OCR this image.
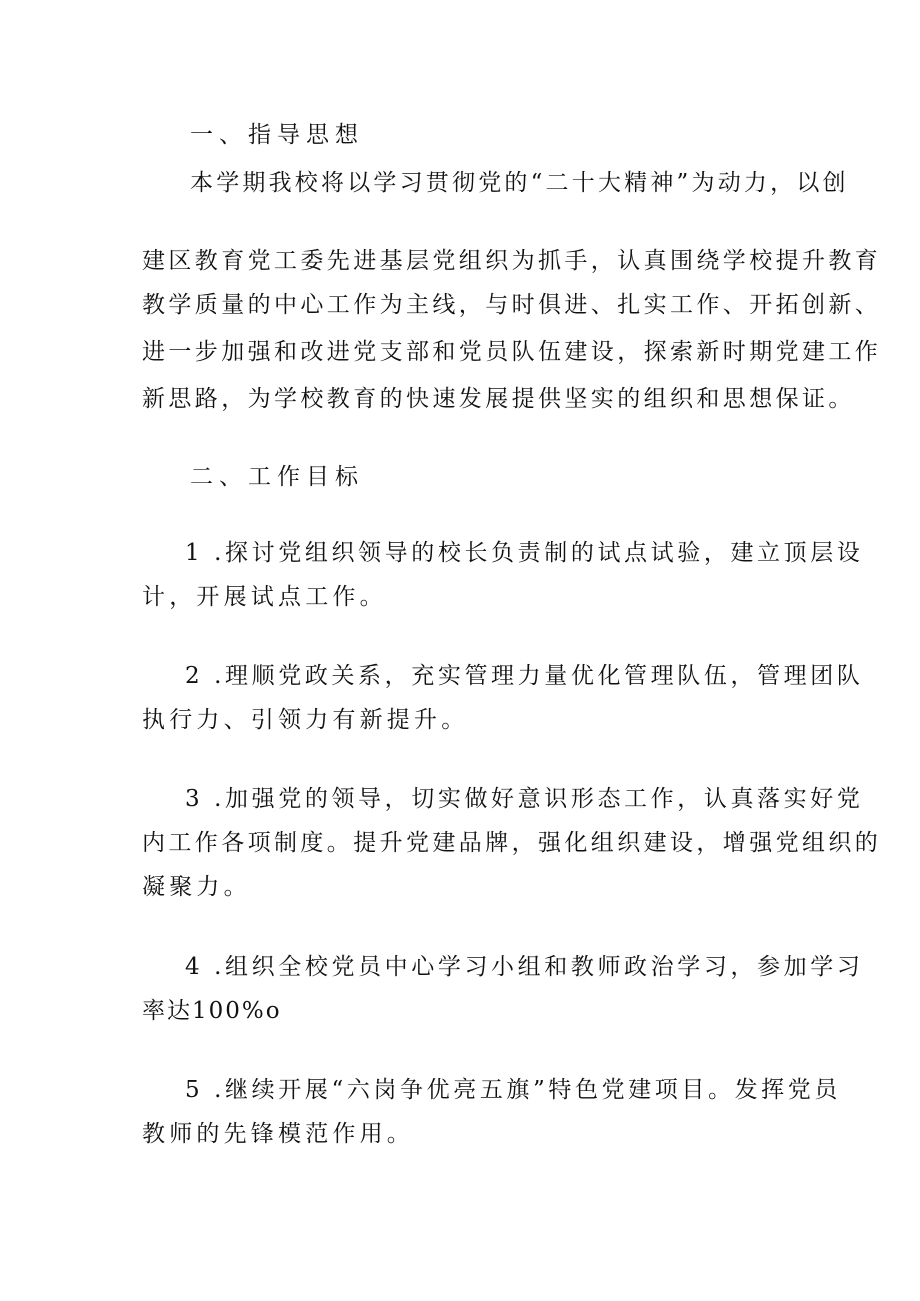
一、指导思想
本学期我校将以学习贯彻党的“二十大精神”为动力，以创
建区教育党工委先进基层党组织为抓手，认真围绕学校提升教育
教学质量的中心工作为主线，与时俱进、扎实工作、开拓创新、
进一步加强和改进党支部和党员队伍建设，探索新时期党建工作
新思路，为学校教育的快速发展提供坚实的组织和思想保证。
二、工作目标
1 .探讨党组织领导的校长负责制的试点试验，建立顶层设
计，开展试点工作。
2 .理顺党政关系，充实管理力量优化管理队伍，管理团队
执行力、引领力有新提升。
3 .加强党的领导，切实做好意识形态工作，认真落实好党
内工作各项制度。提升党建品牌，强化组织建设，增强党组织的
凝聚力。
4 .组织全校党员中心学习小组和教师政治学习，参加学习
率达100%o
5 .继续开展“六岗争优亮五旗”特色党建项目。发挥党员
教师的先锋模范作用。
